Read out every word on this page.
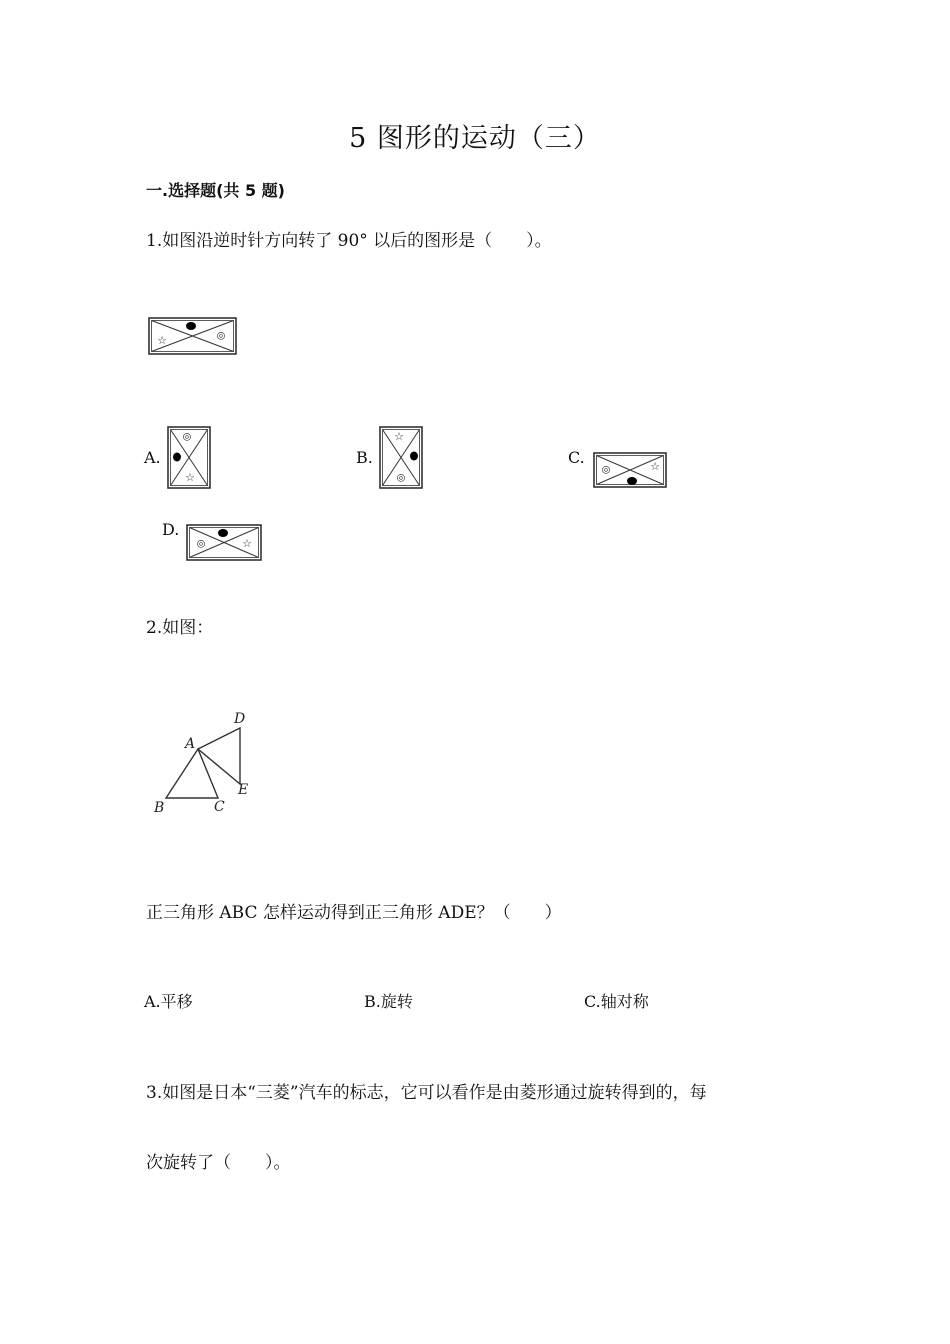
5 图形的运动（三）
一.选择题(共 5 题)
1.如图沿逆时针方向转了 90° 以后的图形是（　　）。
☆	◎
A.
◎
☆
B.
☆
◎
C.
◎	☆
D.
◎	☆
2.如图：
A
B	C
D
E
正三角形 ABC 怎样运动得到正三角形 ADE？（　　）
A.平移	B.旋转	C.轴对称
3.如图是日本“三菱”汽车的标志，它可以看作是由菱形通过旋转得到的，每
次旋转了（　　）。
